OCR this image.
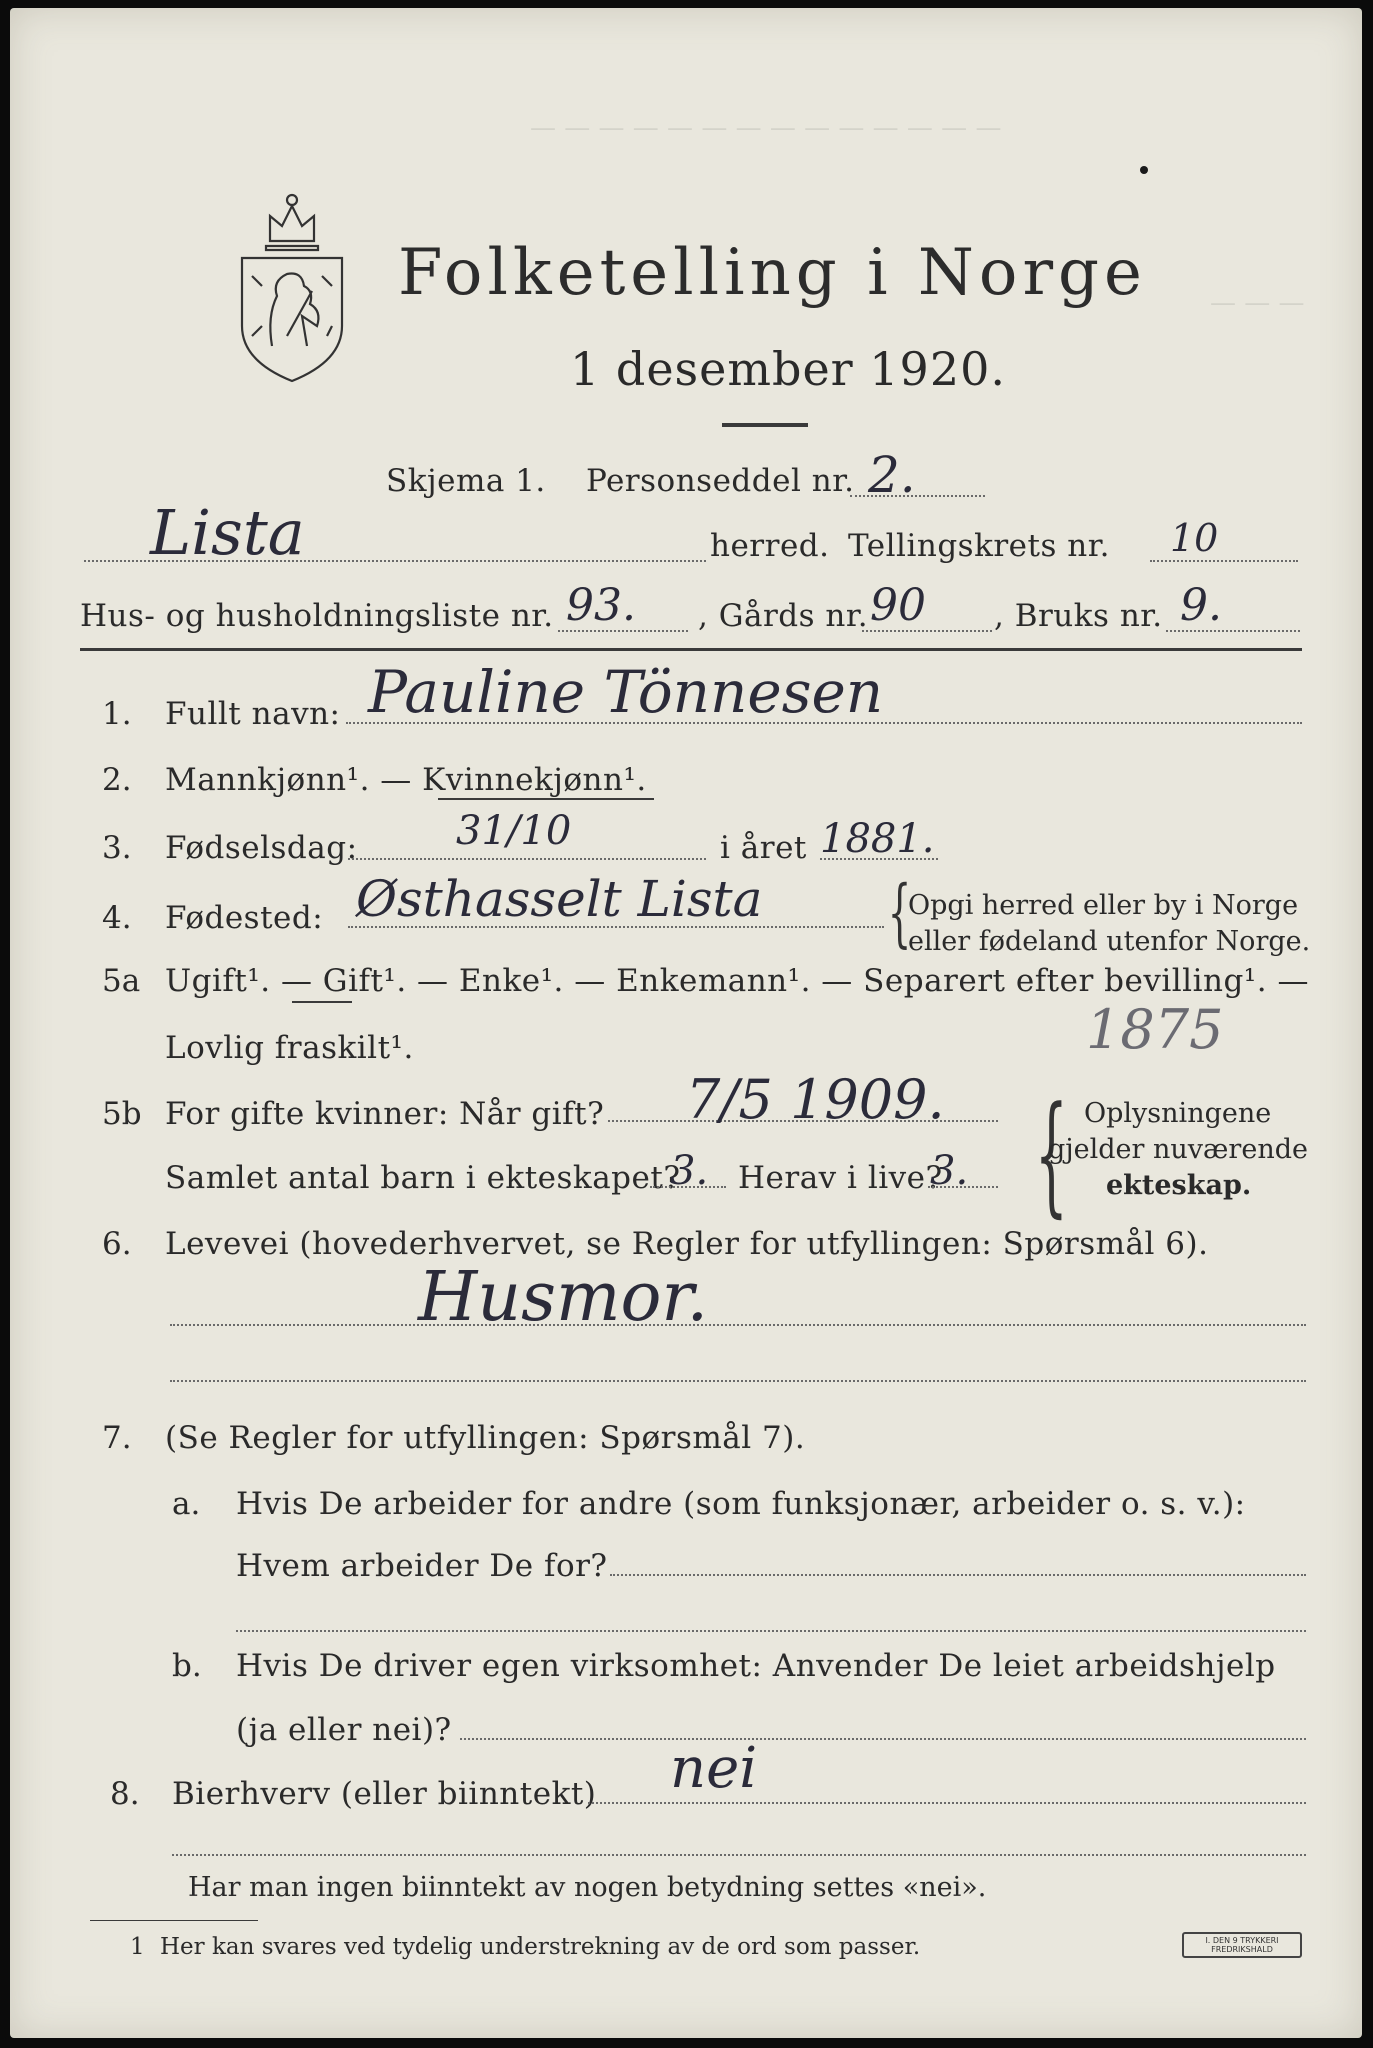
— — — — — — — — — — — — — —
— — —
Folketelling i Norge
1 desember 1920.
Skjema 1. Personseddel nr. 2.
Lista	herred. Tellingskrets nr. 10
Hus- og husholdningsliste nr. 93. , Gårds nr. 90 , Bruks nr. 9.
1. Fullt navn: Pauline Tönnesen
2. Mannkjønn¹. — Kvinnekjønn¹.
3. Fødselsdag: 31/10	i året 1881.
4. Fødested: Østhasselt Lista {
Opgi herred eller by i Norge
eller fødeland utenfor Norge.
5a Ugift¹. — Gift¹. — Enke¹. — Enkemann¹. — Separert efter bevilling¹. —
Lovlig fraskilt¹.	1875
5b For gifte kvinner: Når gift? 7/5 1909.
Samlet antal barn i ekteskapet?
3. Herav i live?
3. { Oplysningene
gjelder nuværende
ekteskap.
6. Levevei (hovederhvervet, se Regler for utfyllingen: Spørsmål 6).
Husmor.
7. (Se Regler for utfyllingen: Spørsmål 7).
a. Hvis De arbeider for andre (som funksjonær, arbeider o. s. v.):
Hvem arbeider De for?
b. Hvis De driver egen virksomhet: Anvender De leiet arbeidshjelp
(ja eller nei)?
8. Bierhverv (eller biinntekt) nei
Har man ingen biinntekt av nogen betydning settes «nei».
1 Her kan svares ved tydelig understrekning av de ord som passer.	I. DEN 9 TRYKKERI
FREDRIKSHALD
